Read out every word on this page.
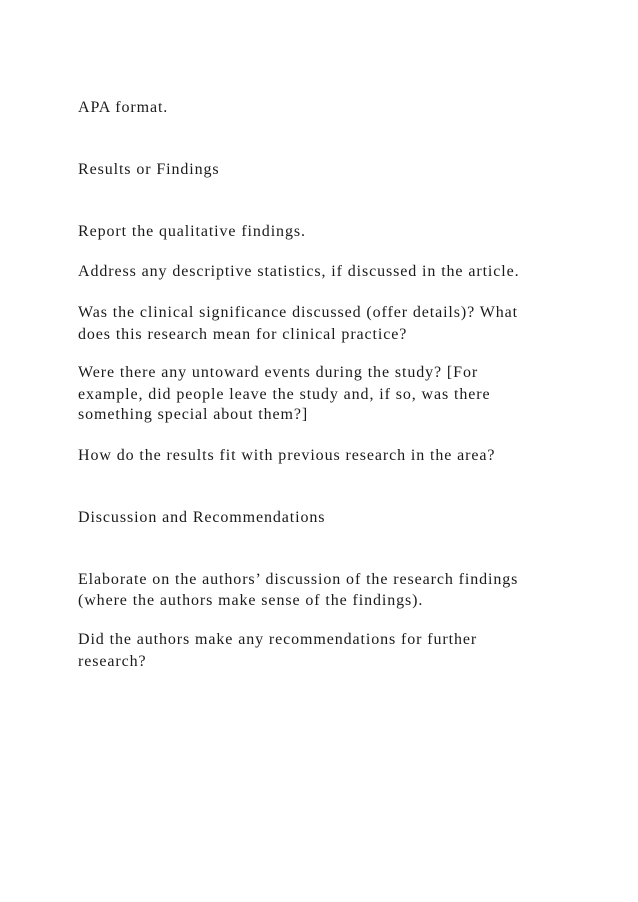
APA format.

Results or Findings

Report the qualitative findings.

Address any descriptive statistics, if discussed in the article.

Was the clinical significance discussed (offer details)? What

does this research mean for clinical practice?

Were there any untoward events during the study? [For

example, did people leave the study and, if so, was there

something special about them?]

How do the results fit with previous research in the area?

Discussion and Recommendations

Elaborate on the authors’ discussion of the research findings

(where the authors make sense of the findings).

Did the authors make any recommendations for further

research?
